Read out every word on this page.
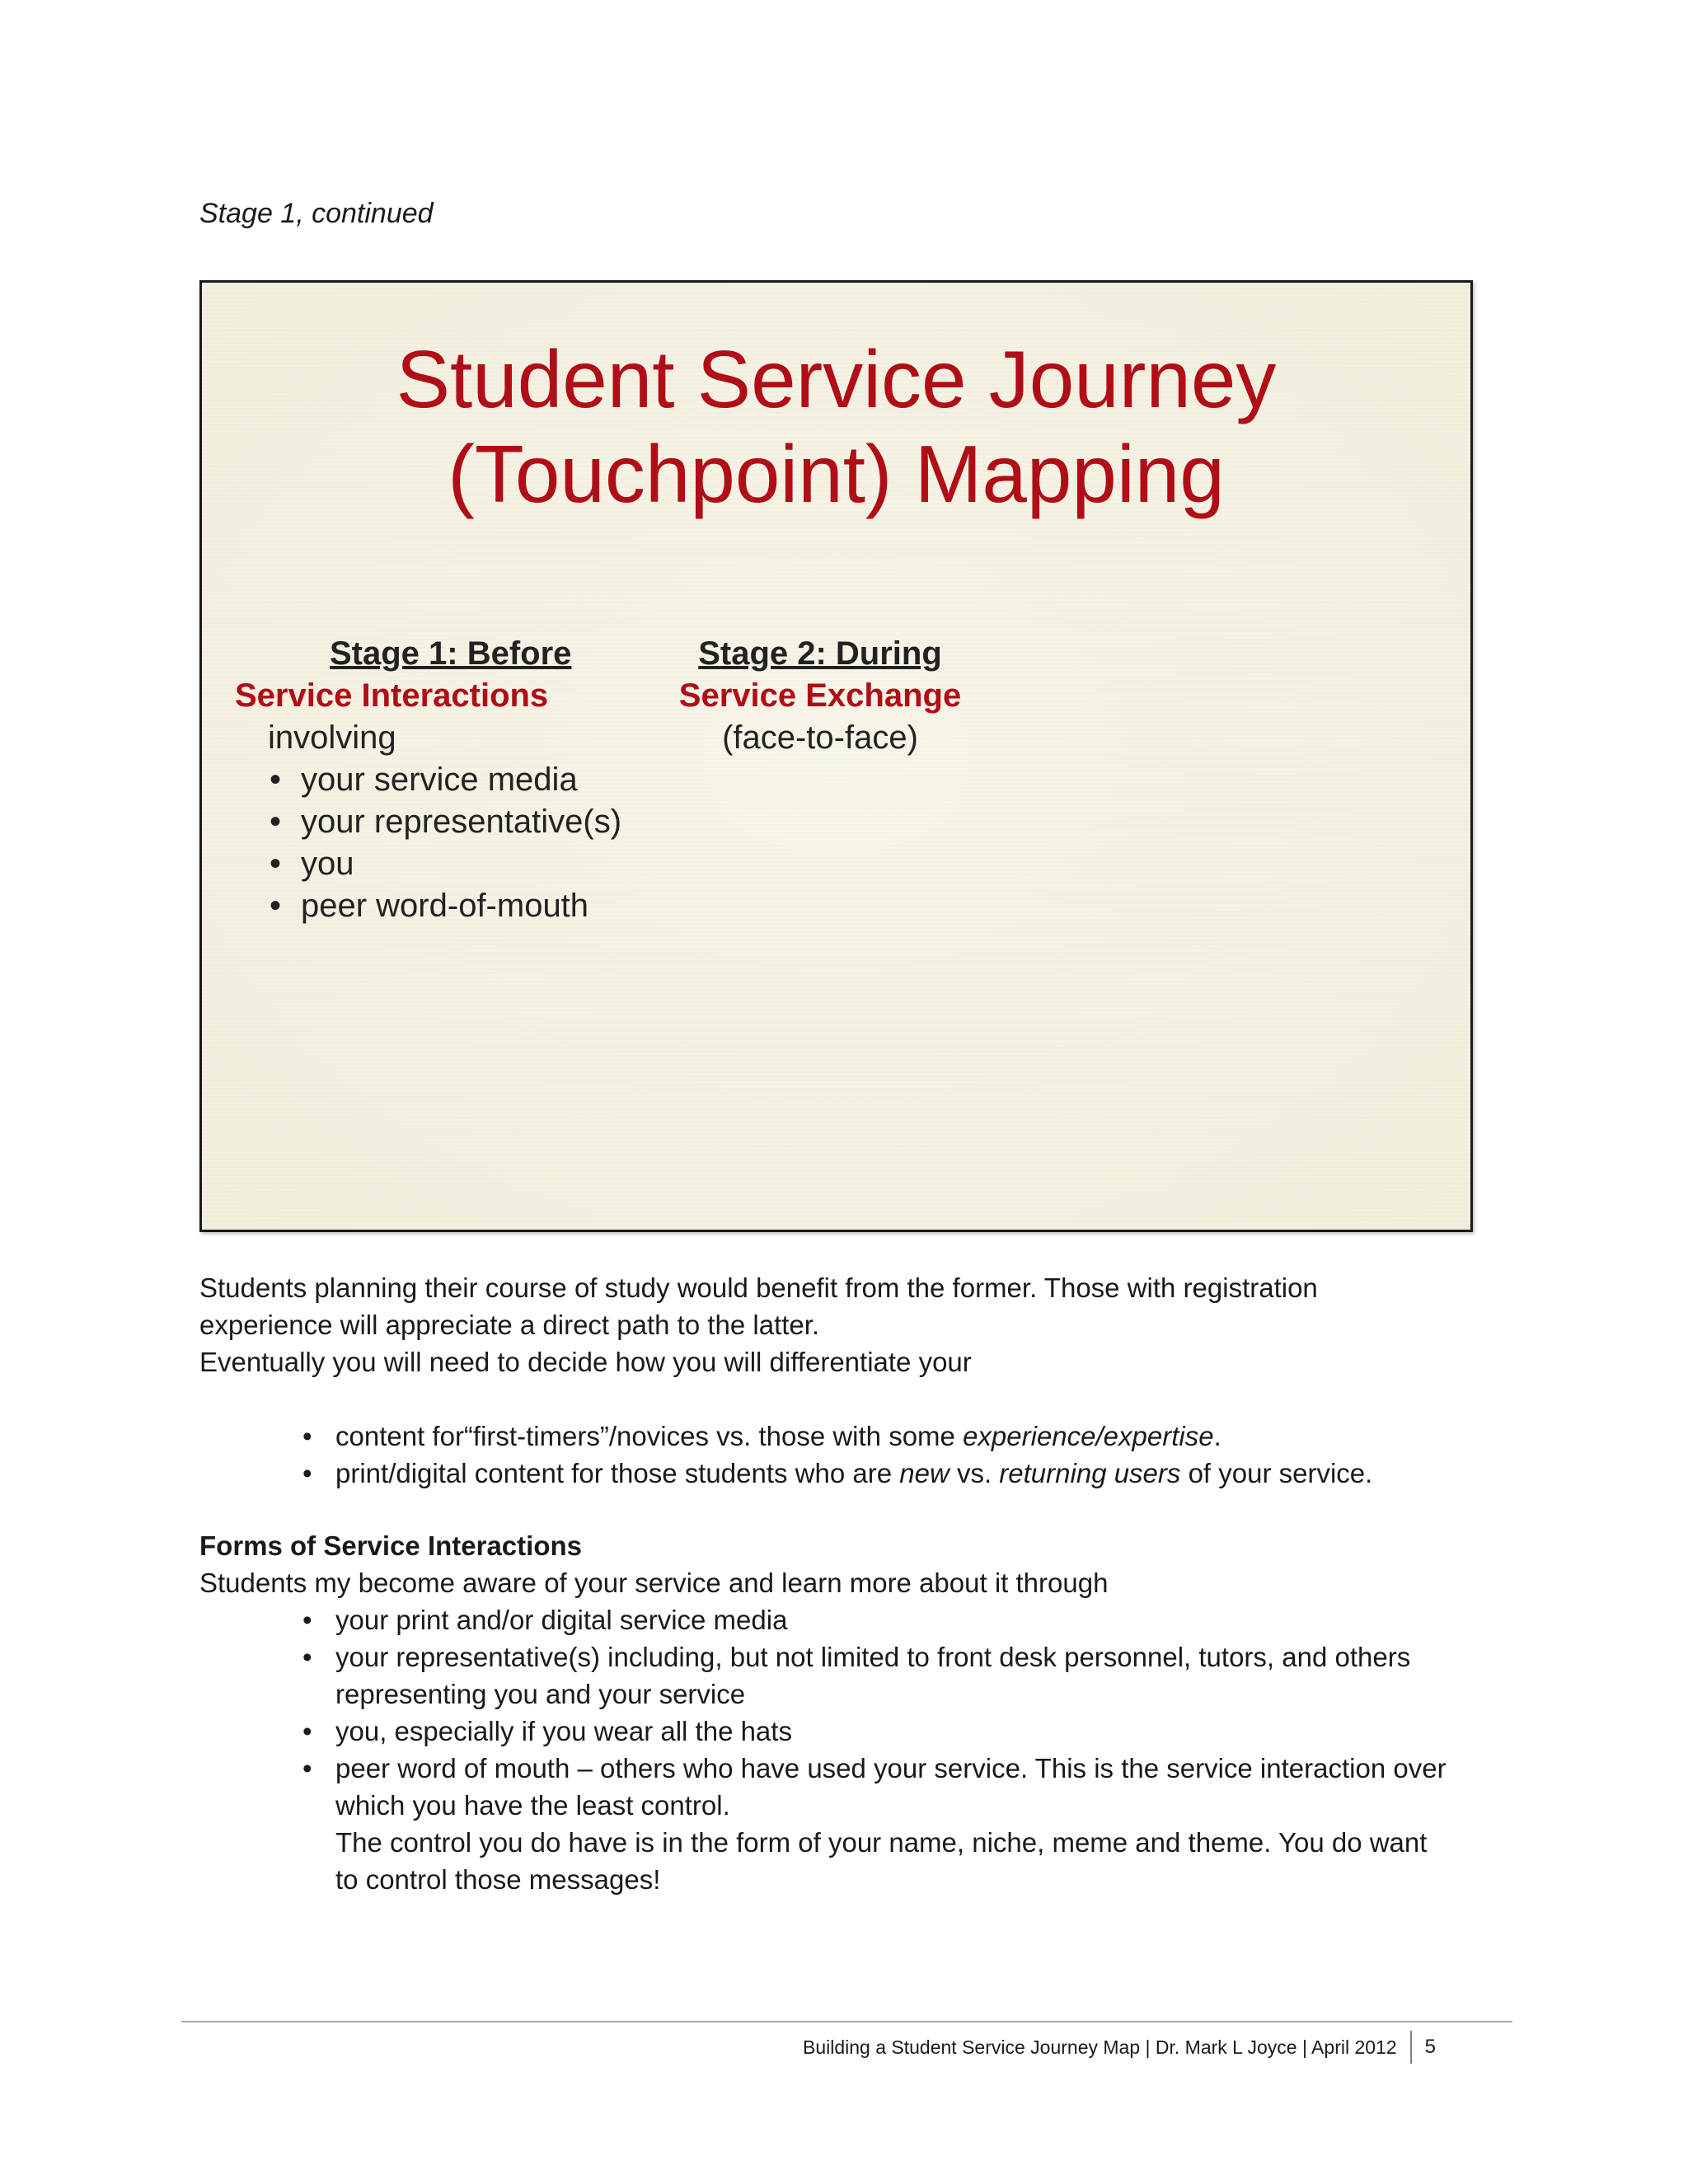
Stage 1, continued
Student Service Journey
(Touchpoint) Mapping
Stage 1: Before
Service Interactions
involving
• your service media
• your representative(s)
• you
• peer word-of-mouth
Stage 2: During
Service Exchange
(face-to-face)
Students planning their course of study would benefit from the former. Those with registration
experience will appreciate a direct path to the latter.
Eventually you will need to decide how you will differentiate your
• content for“first-timers”/novices vs. those with some experience/expertise.
• print/digital content for those students who are new vs. returning users of your service.
Forms of Service Interactions
Students my become aware of your service and learn more about it through
• your print and/or digital service media
• your representative(s) including, but not limited to front desk personnel, tutors, and others
representing you and your service
• you, especially if you wear all the hats
• peer word of mouth – others who have used your service. This is the service interaction over
which you have the least control.
The control you do have is in the form of your name, niche, meme and theme. You do want
to control those messages!
Building a Student Service Journey Map | Dr. Mark L Joyce | April 2012 5
